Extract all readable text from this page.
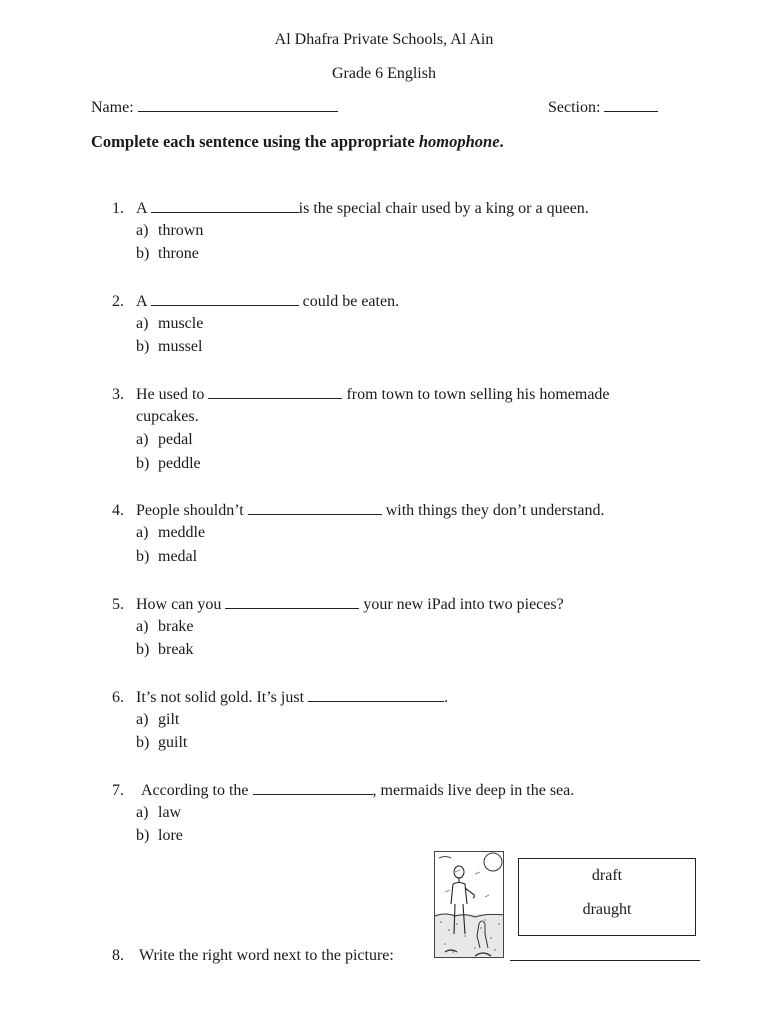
Al Dhafra Private Schools, Al Ain
Grade 6 English
Name:	Section:
Complete each sentence using the appropriate homophone.
1. A	is the special chair used by a king or a queen.
a) thrown
b) throne
2. A	could be eaten.
a) muscle
b) mussel
3. He used to	from town to town selling his homemade
cupcakes.
a) pedal
b) peddle
4. People shouldn’t	with things they don’t understand.
a) meddle
b) medal
5. How can you	your new iPad into two pieces?
a) brake
b) break
6. It’s not solid gold. It’s just	.
a) gilt
b) guilt
7. According to the	, mermaids live deep in the sea.
a) law
b) lore
draft
draught
8. Write the right word next to the picture:
